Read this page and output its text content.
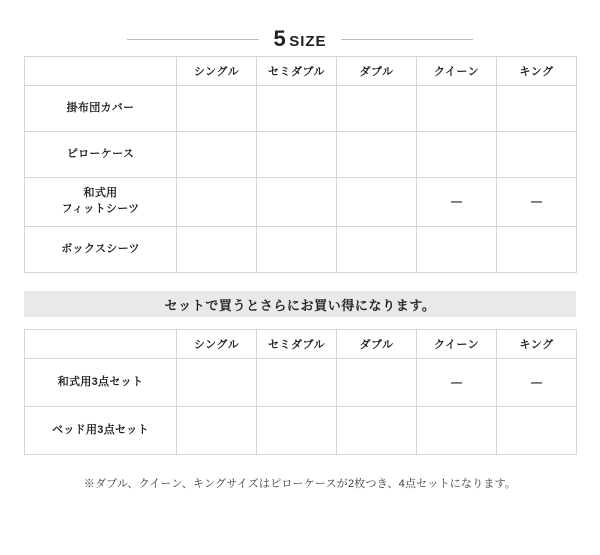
5 SIZE
	シングル	セミダブル	ダブル	クイーン	キング
掛布団カバー					
ピローケース					
和式用
フィットシーツ				—	—
ボックスシーツ					
セットで買うとさらにお買い得になります。
	シングル	セミダブル	ダブル	クイーン	キング
和式用3点セット				—	—
ベッド用3点セット					
※ダブル、クイーン、キングサイズはピローケースが2枚つき、4点セットになります。
